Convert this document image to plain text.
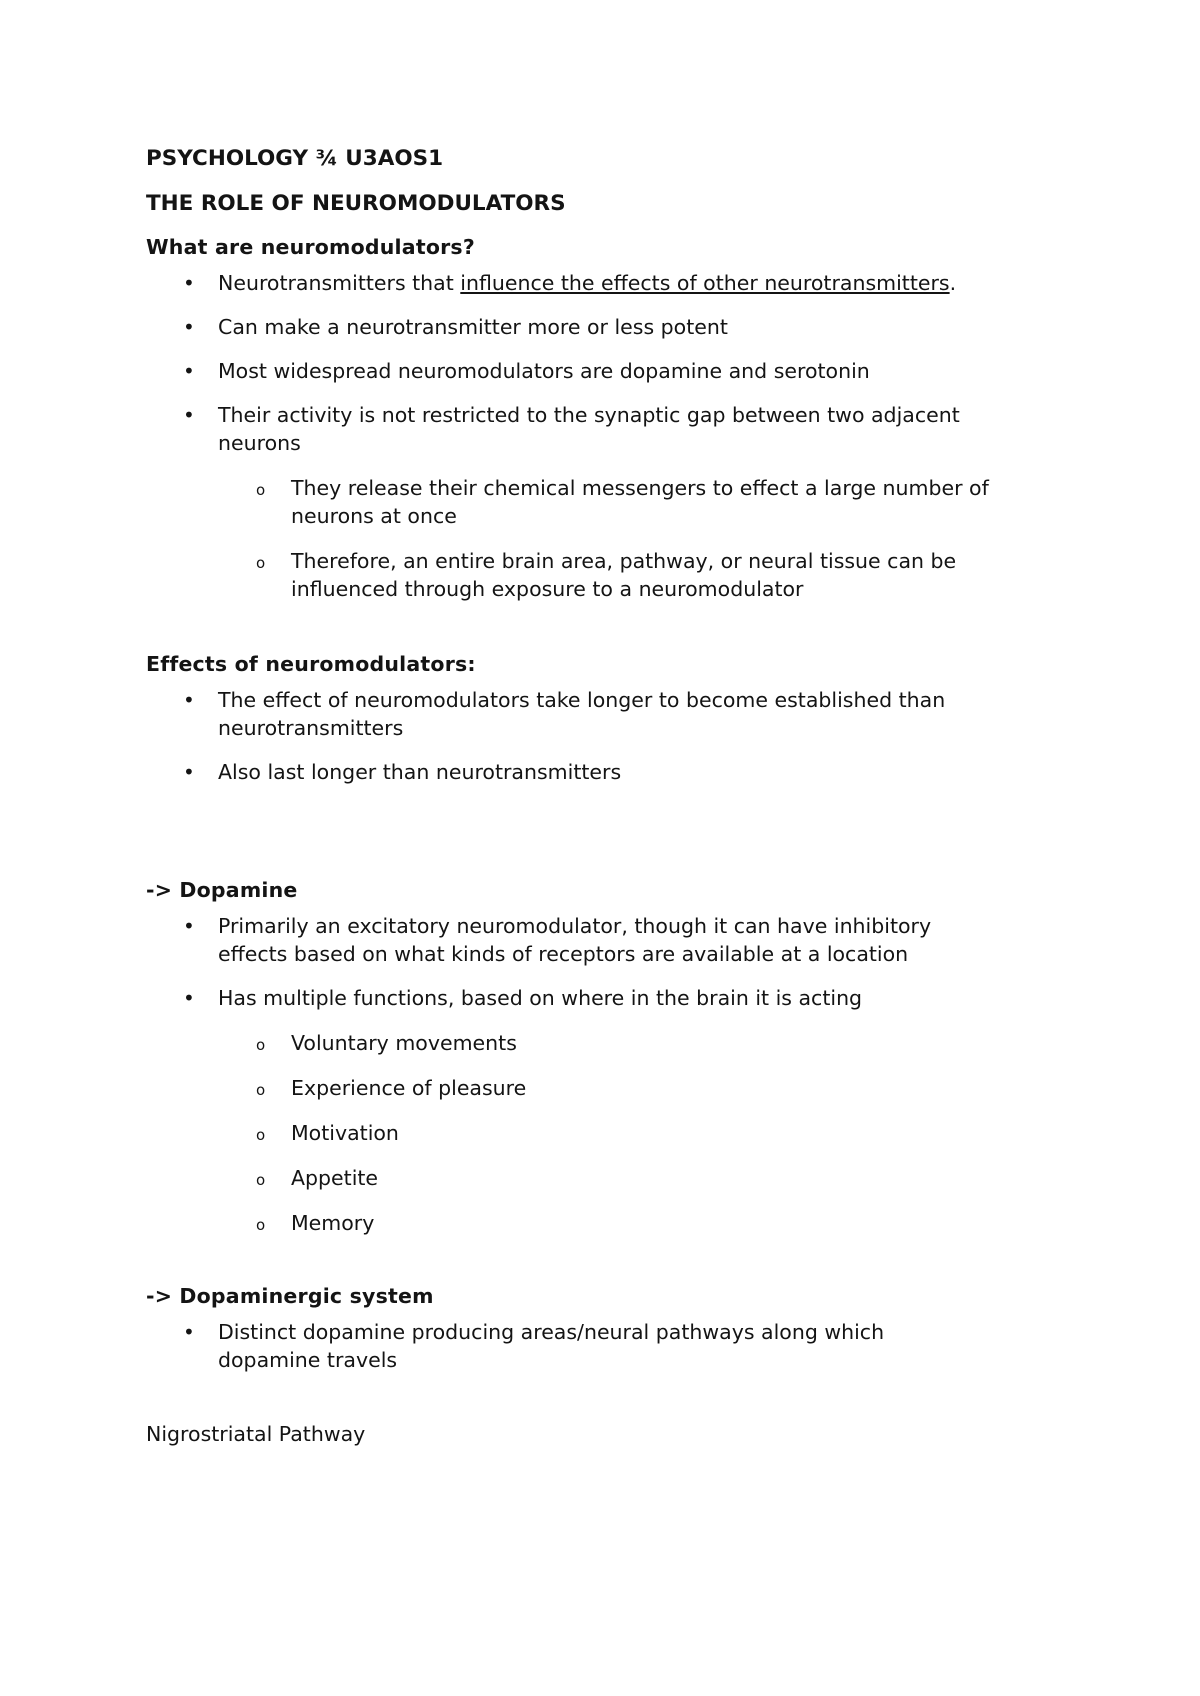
PSYCHOLOGY ¾ U3AOS1
THE ROLE OF NEUROMODULATORS
What are neuromodulators?
• Neurotransmitters that influence the effects of other neurotransmitters.
• Can make a neurotransmitter more or less potent
• Most widespread neuromodulators are dopamine and serotonin
• Their activity is not restricted to the synaptic gap between two adjacent neurons
o They release their chemical messengers to effect a large number of neurons at once
o Therefore, an entire brain area, pathway, or neural tissue can be influenced through exposure to a neuromodulator
Effects of neuromodulators:
• The effect of neuromodulators take longer to become established than neurotransmitters
• Also last longer than neurotransmitters
-> Dopamine
• Primarily an excitatory neuromodulator, though it can have inhibitory effects based on what kinds of receptors are available at a location
• Has multiple functions, based on where in the brain it is acting
o Voluntary movements
o Experience of pleasure
o Motivation
o Appetite
o Memory
-> Dopaminergic system
• Distinct dopamine producing areas/neural pathways along which dopamine travels
Nigrostriatal Pathway
